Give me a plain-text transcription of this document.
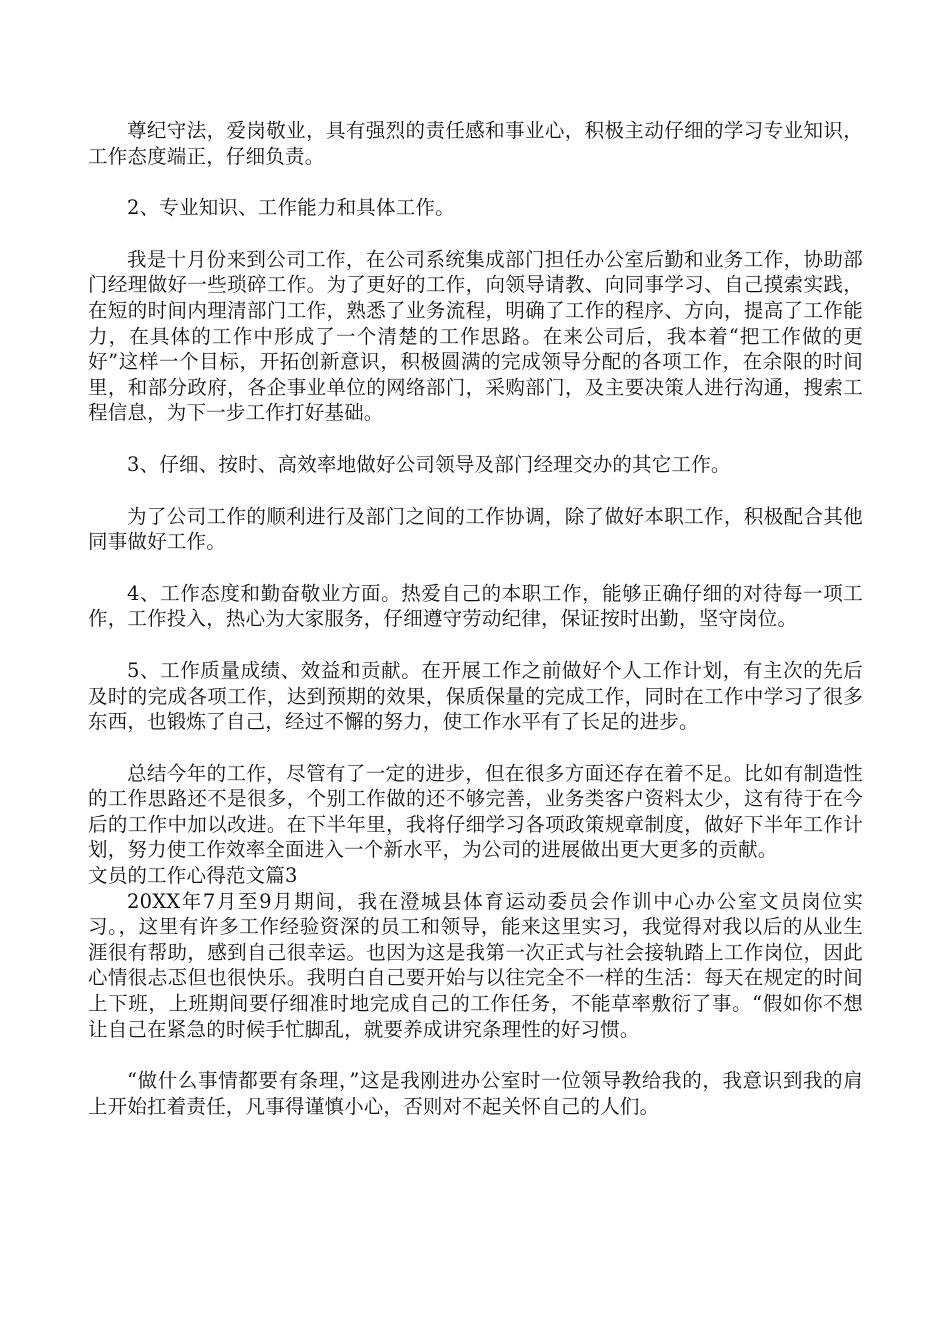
尊纪守法，爱岗敬业，具有强烈的责任感和事业心，积极主动仔细的学习专业知识，工作态度端正，仔细负责。

2、专业知识、工作能力和具体工作。

我是十月份来到公司工作，在公司系统集成部门担任办公室后勤和业务工作，协助部门经理做好一些琐碎工作。为了更好的工作，向领导请教、向同事学习、自己摸索实践，在短的时间内理清部门工作，熟悉了业务流程，明确了工作的程序、方向，提高了工作能力，在具体的工作中形成了一个清楚的工作思路。在来公司后，我本着“把工作做的更好”这样一个目标，开拓创新意识，积极圆满的完成领导分配的各项工作，在余限的时间里，和部分政府，各企事业单位的网络部门，采购部门，及主要决策人进行沟通，搜索工程信息，为下一步工作打好基础。

3、仔细、按时、高效率地做好公司领导及部门经理交办的其它工作。

为了公司工作的顺利进行及部门之间的工作协调，除了做好本职工作，积极配合其他同事做好工作。

4、工作态度和勤奋敬业方面。热爱自己的本职工作，能够正确仔细的对待每一项工作，工作投入，热心为大家服务，仔细遵守劳动纪律，保证按时出勤，坚守岗位。

5、工作质量成绩、效益和贡献。在开展工作之前做好个人工作计划，有主次的先后及时的完成各项工作，达到预期的效果，保质保量的完成工作，同时在工作中学习了很多东西，也锻炼了自己，经过不懈的努力，使工作水平有了长足的进步。

总结今年的工作，尽管有了一定的进步，但在很多方面还存在着不足。比如有制造性的工作思路还不是很多，个别工作做的还不够完善，业务类客户资料太少，这有待于在今后的工作中加以改进。在下半年里，我将仔细学习各项政策规章制度，做好下半年工作计划，努力使工作效率全面进入一个新水平，为公司的进展做出更大更多的贡献。

文员的工作心得范文篇3

20XX年7月至9月期间，我在澄城县体育运动委员会作训中心办公室文员岗位实习。，这里有许多工作经验资深的员工和领导，能来这里实习，我觉得对我以后的从业生涯很有帮助，感到自己很幸运。也因为这是我第一次正式与社会接轨踏上工作岗位，因此心情很忐忑但也很快乐。我明白自己要开始与以往完全不一样的生活：每天在规定的时间上下班，上班期间要仔细准时地完成自己的工作任务，不能草率敷衍了事。“假如你不想让自己在紧急的时候手忙脚乱，就要养成讲究条理性的好习惯。

“做什么事情都要有条理，”这是我刚进办公室时一位领导教给我的，我意识到我的肩上开始扛着责任，凡事得谨慎小心，否则对不起关怀自己的人们。
